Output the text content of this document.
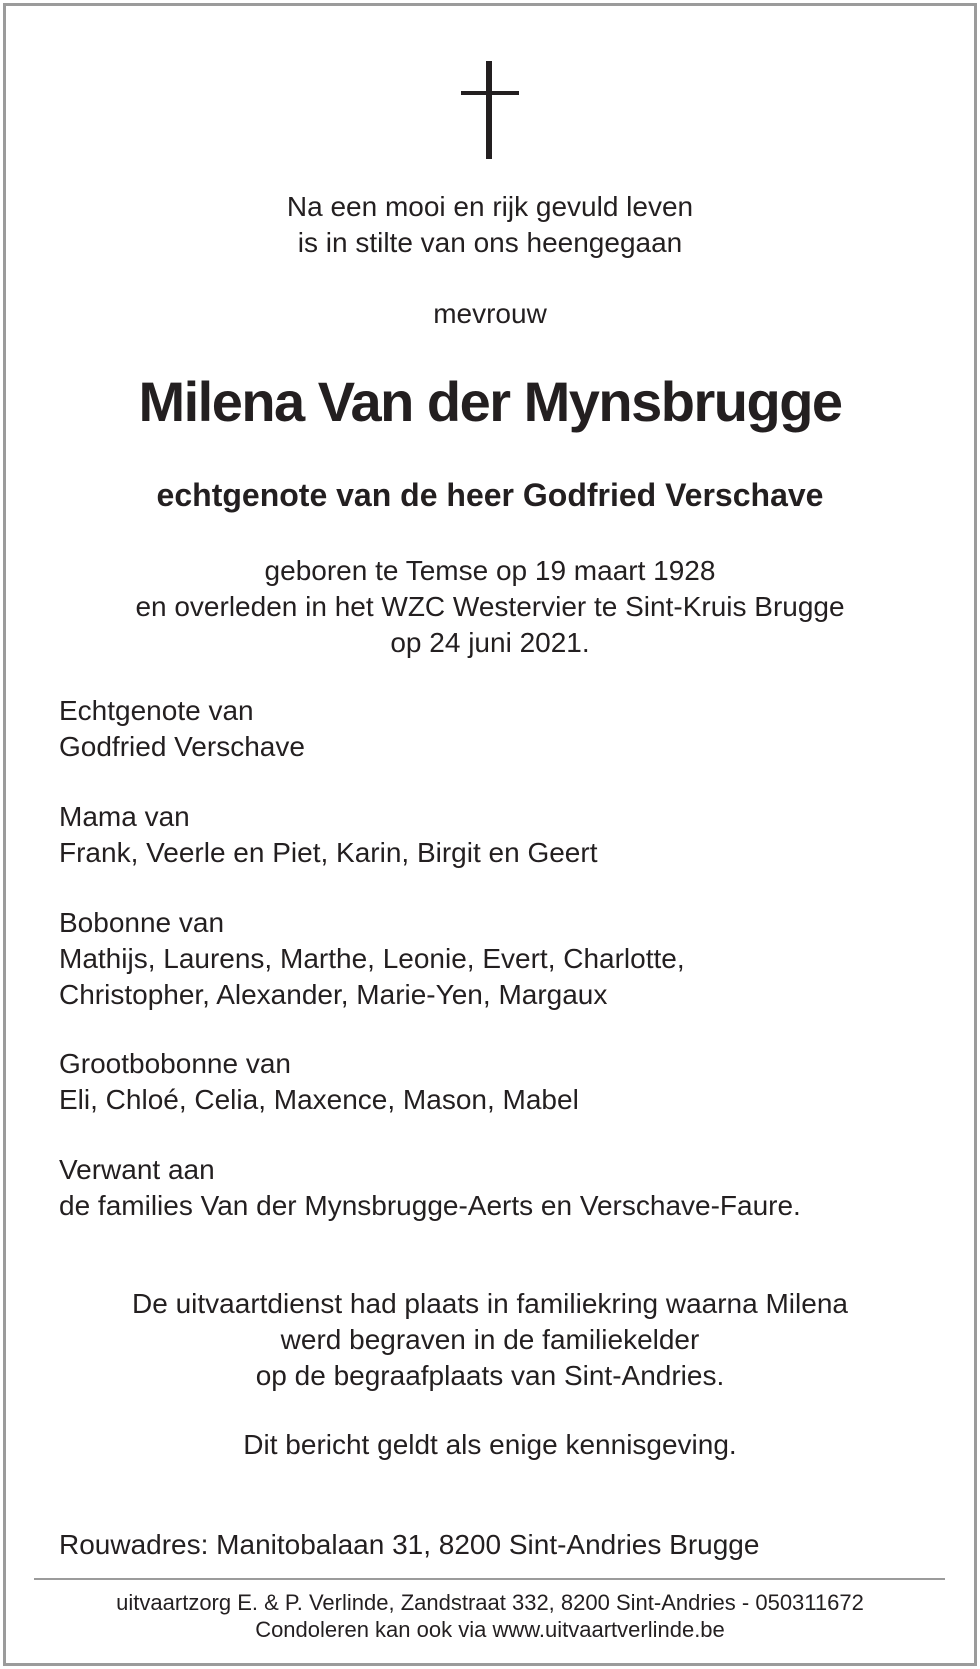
Na een mooi en rijk gevuld leven
is in stilte van ons heengegaan
mevrouw
Milena Van der Mynsbrugge
echtgenote van de heer Godfried Verschave
geboren te Temse op 19 maart 1928
en overleden in het WZC Westervier te Sint-Kruis Brugge
op 24 juni 2021.
Echtgenote van
Godfried Verschave
Mama van
Frank, Veerle en Piet, Karin, Birgit en Geert
Bobonne van
Mathijs, Laurens, Marthe, Leonie, Evert, Charlotte,
Christopher, Alexander, Marie-Yen, Margaux
Grootbobonne van
Eli, Chloé, Celia, Maxence, Mason, Mabel
Verwant aan
de families Van der Mynsbrugge-Aerts en Verschave-Faure.
De uitvaartdienst had plaats in familiekring waarna Milena
werd begraven in de familiekelder
op de begraafplaats van Sint-Andries.
Dit bericht geldt als enige kennisgeving.
Rouwadres: Manitobalaan 31, 8200 Sint-Andries Brugge
uitvaartzorg E. & P. Verlinde, Zandstraat 332, 8200 Sint-Andries - 050311672
Condoleren kan ook via www.uitvaartverlinde.be
